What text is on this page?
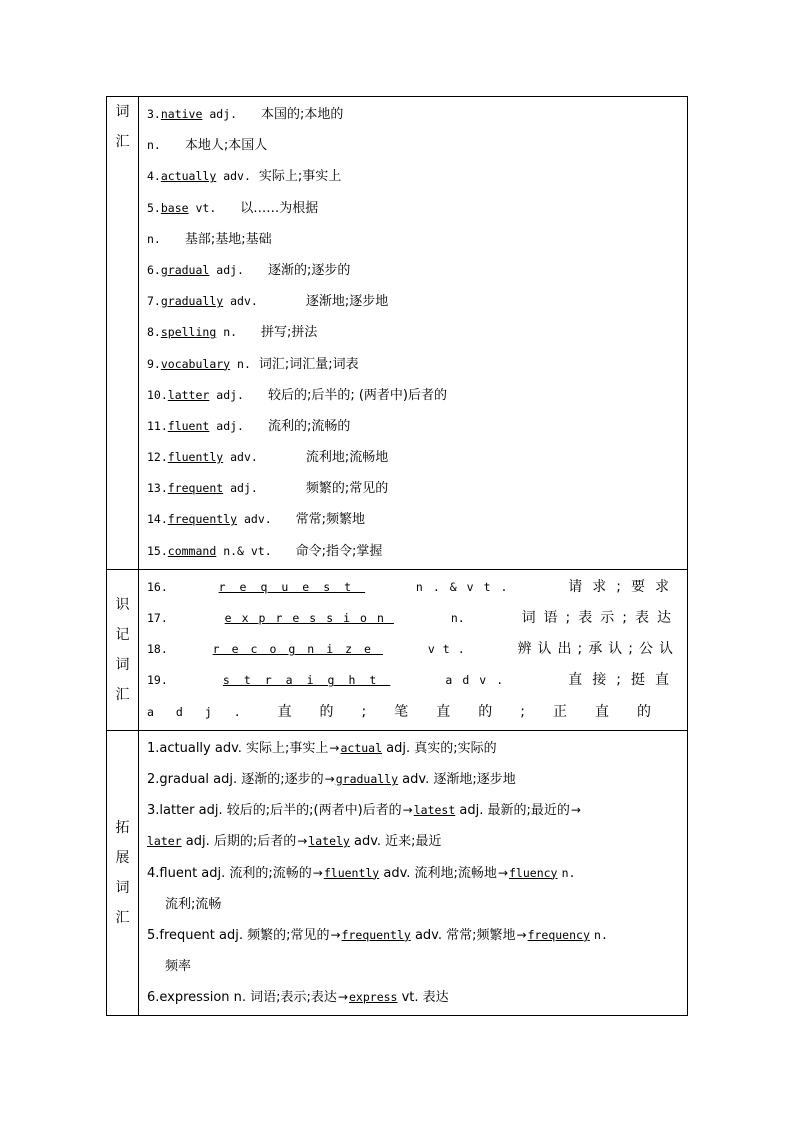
词
汇
3.native adj. 本国的;本地的
n. 本地人;本国人
4.actually adv. 实际上;事实上
5.base vt. 以……为根据
n. 基部;基地;基础
6.gradual adj. 逐渐的;逐步的
7.gradually adv.	逐渐地;逐步地
8.spelling n. 拼写;拼法
9.vocabulary n. 词汇;词汇量;词表
10.latter adj. 较后的;后半的; (两者中)后者的
11.fluent adj. 流利的;流畅的
12.fluently adv.	流利地;流畅地
13.frequent adj.	频繁的;常见的
14.frequently adv. 常常;频繁地
15.command n.& vt. 命令;指令;掌握
识
记
词
汇
16.	request	n.&vt.	请求;要求
17.	expression	n.	词语;表示;表达
18.	recognize	vt.	辨认出;承认;公认
19.	straight	adv.	直接;挺直
adj. 直的;笔直的;正直的
拓
展
词
汇
1.actually adv. 实际上;事实上→actual adj. 真实的;实际的
2.gradual adj. 逐渐的;逐步的→gradually adv. 逐渐地;逐步地
3.latter adj. 较后的;后半的;(两者中)后者的→latest adj. 最新的;最近的→
later adj. 后期的;后者的→lately adv. 近来;最近
4.fluent adj. 流利的;流畅的→fluently adv. 流利地;流畅地→fluency n.
流利;流畅
5.frequent adj. 频繁的;常见的→frequently adv. 常常;频繁地→frequency n.
频率
6.expression n. 词语;表示;表达→express vt. 表达
